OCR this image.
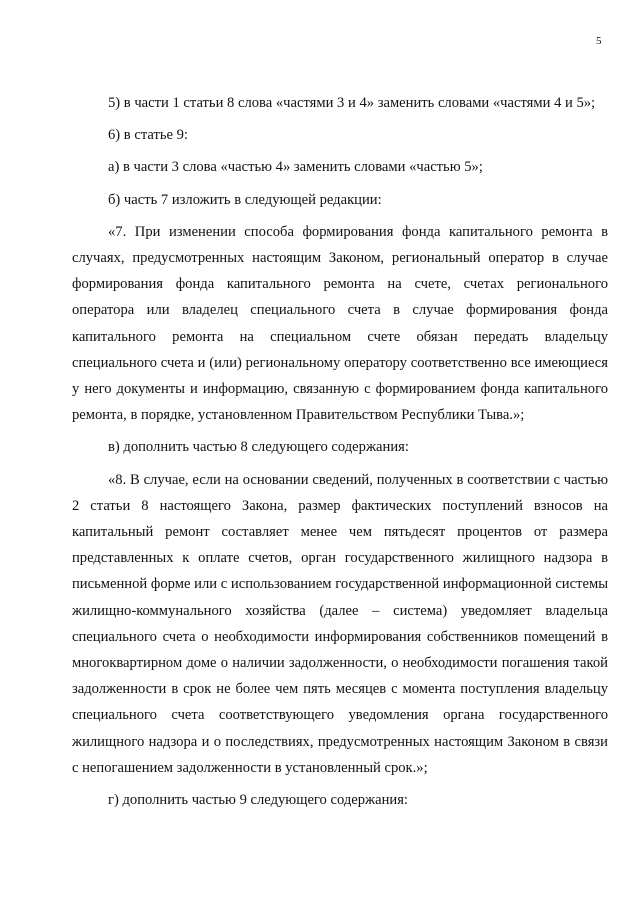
5

5) в части 1 статьи 8 слова «частями 3 и 4» заменить словами «частями 4 и 5»;

6) в статье 9:

а) в части 3 слова «частью 4» заменить словами «частью 5»;

б) часть 7 изложить в следующей редакции:

«7. При изменении способа формирования фонда капитального ремонта в случаях, предусмотренных настоящим Законом, региональный оператор в случае формирования фонда капитального ремонта на счете, счетах регионального оператора или владелец специального счета в случае формирования фонда капитального ремонта на специальном счете обязан передать владельцу специального счета и (или) региональному оператору соответственно все имеющиеся у него документы и информацию, связанную с формированием фонда капитального ремонта, в порядке, установленном Правительством Республики Тыва.»;

в) дополнить частью 8 следующего содержания:

«8. В случае, если на основании сведений, полученных в соответствии с частью 2 статьи 8 настоящего Закона, размер фактических поступлений взносов на капитальный ремонт составляет менее чем пятьдесят процентов от размера представленных к оплате счетов, орган государственного жилищного надзора в письменной форме или с использованием государственной информационной системы жилищно-коммунального хозяйства (далее – система) уведомляет владельца специального счета о необходимости информирования собственников помещений в многоквартирном доме о наличии задолженности, о необходимости погашения такой задолженности в срок не более чем пять месяцев с момента поступления владельцу специального счета соответствующего уведомления органа государственного жилищного надзора и о последствиях, предусмотренных настоящим Законом в связи с непогашением задолженности в установленный срок.»;

г) дополнить частью 9 следующего содержания:
